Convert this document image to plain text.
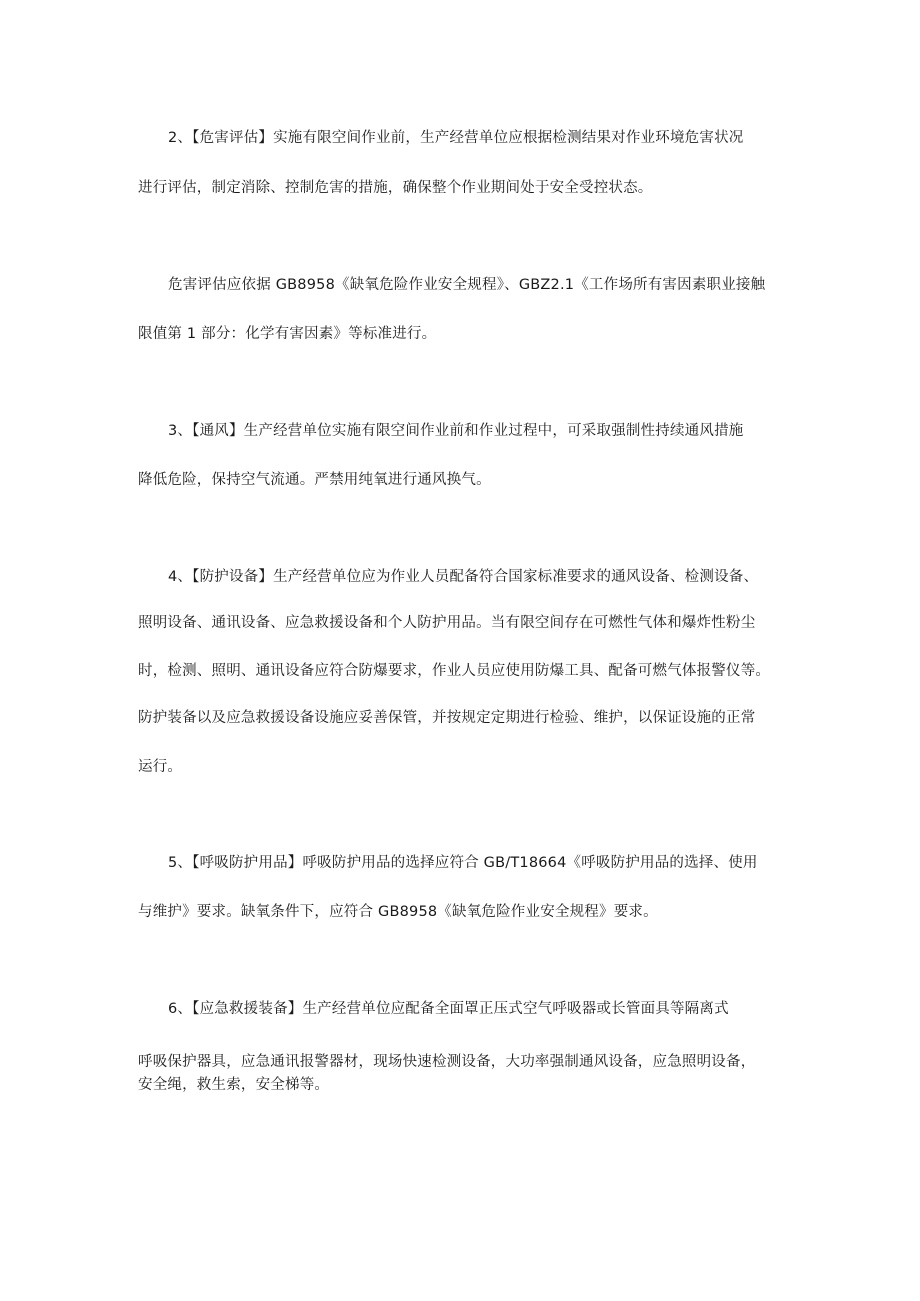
2、【危害评估】实施有限空间作业前，生产经营单位应根据检测结果对作业环境危害状况
进行评估，制定消除、控制危害的措施，确保整个作业期间处于安全受控状态。
危害评估应依据 GB8958《缺氧危险作业安全规程》、GBZ2.1《工作场所有害因素职业接触
限值第 1 部分：化学有害因素》等标准进行。
3、【通风】生产经营单位实施有限空间作业前和作业过程中，可采取强制性持续通风措施
降低危险，保持空气流通。严禁用纯氧进行通风换气。
4、【防护设备】生产经营单位应为作业人员配备符合国家标准要求的通风设备、检测设备、
照明设备、通讯设备、应急救援设备和个人防护用品。当有限空间存在可燃性气体和爆炸性粉尘
时，检测、照明、通讯设备应符合防爆要求，作业人员应使用防爆工具、配备可燃气体报警仪等。
防护装备以及应急救援设备设施应妥善保管，并按规定定期进行检验、维护，以保证设施的正常
运行。
5、【呼吸防护用品】呼吸防护用品的选择应符合 GB/T18664《呼吸防护用品的选择、使用
与维护》要求。缺氧条件下，应符合 GB8958《缺氧危险作业安全规程》要求。
6、【应急救援装备】生产经营单位应配备全面罩正压式空气呼吸器或长管面具等隔离式
呼吸保护器具，应急通讯报警器材，现场快速检测设备，大功率强制通风设备，应急照明设备，安全绳，救生索，安全梯等。
